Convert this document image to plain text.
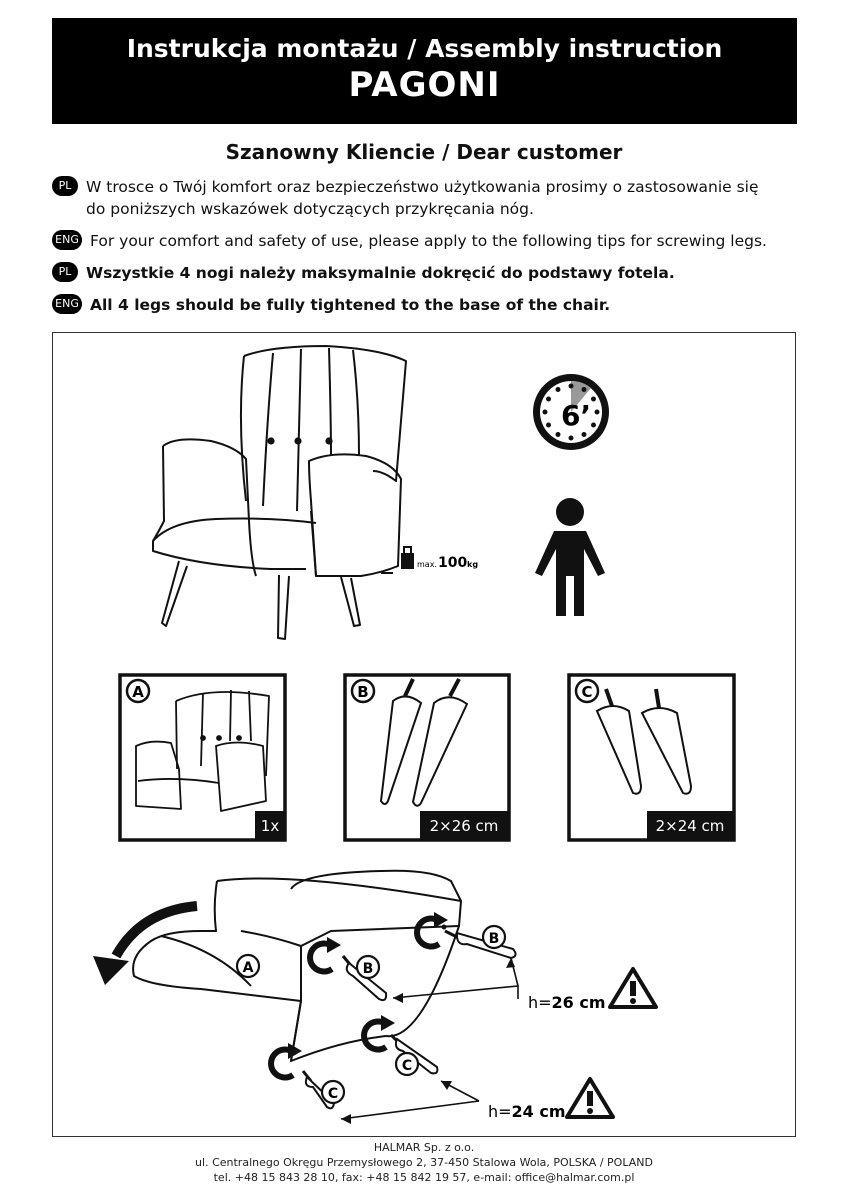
Instrukcja montażu / Assembly instruction
PAGONI
Szanowny Kliencie / Dear customer
PL W trosce o Twój komfort oraz bezpieczeństwo użytkowania prosimy o zastosowanie się
do poniższych wskazówek dotyczących przykręcania nóg.
ENG For your comfort and safety of use, please apply to the following tips for screwing legs.
PL Wszystkie 4 nogi należy maksymalnie dokręcić do podstawy fotela.
ENG All 4 legs should be fully tightened to the base of the chair.
max. 100 kg
6’
A
1x
B
2×26 cm
C
2×24 cm
A	B
B
C
C
h=26 cm
h=24 cm
HALMAR Sp. z o.o.
ul. Centralnego Okręgu Przemysłowego 2, 37-450 Stalowa Wola, POLSKA / POLAND
tel. +48 15 843 28 10, fax: +48 15 842 19 57, e-mail: office@halmar.com.pl
